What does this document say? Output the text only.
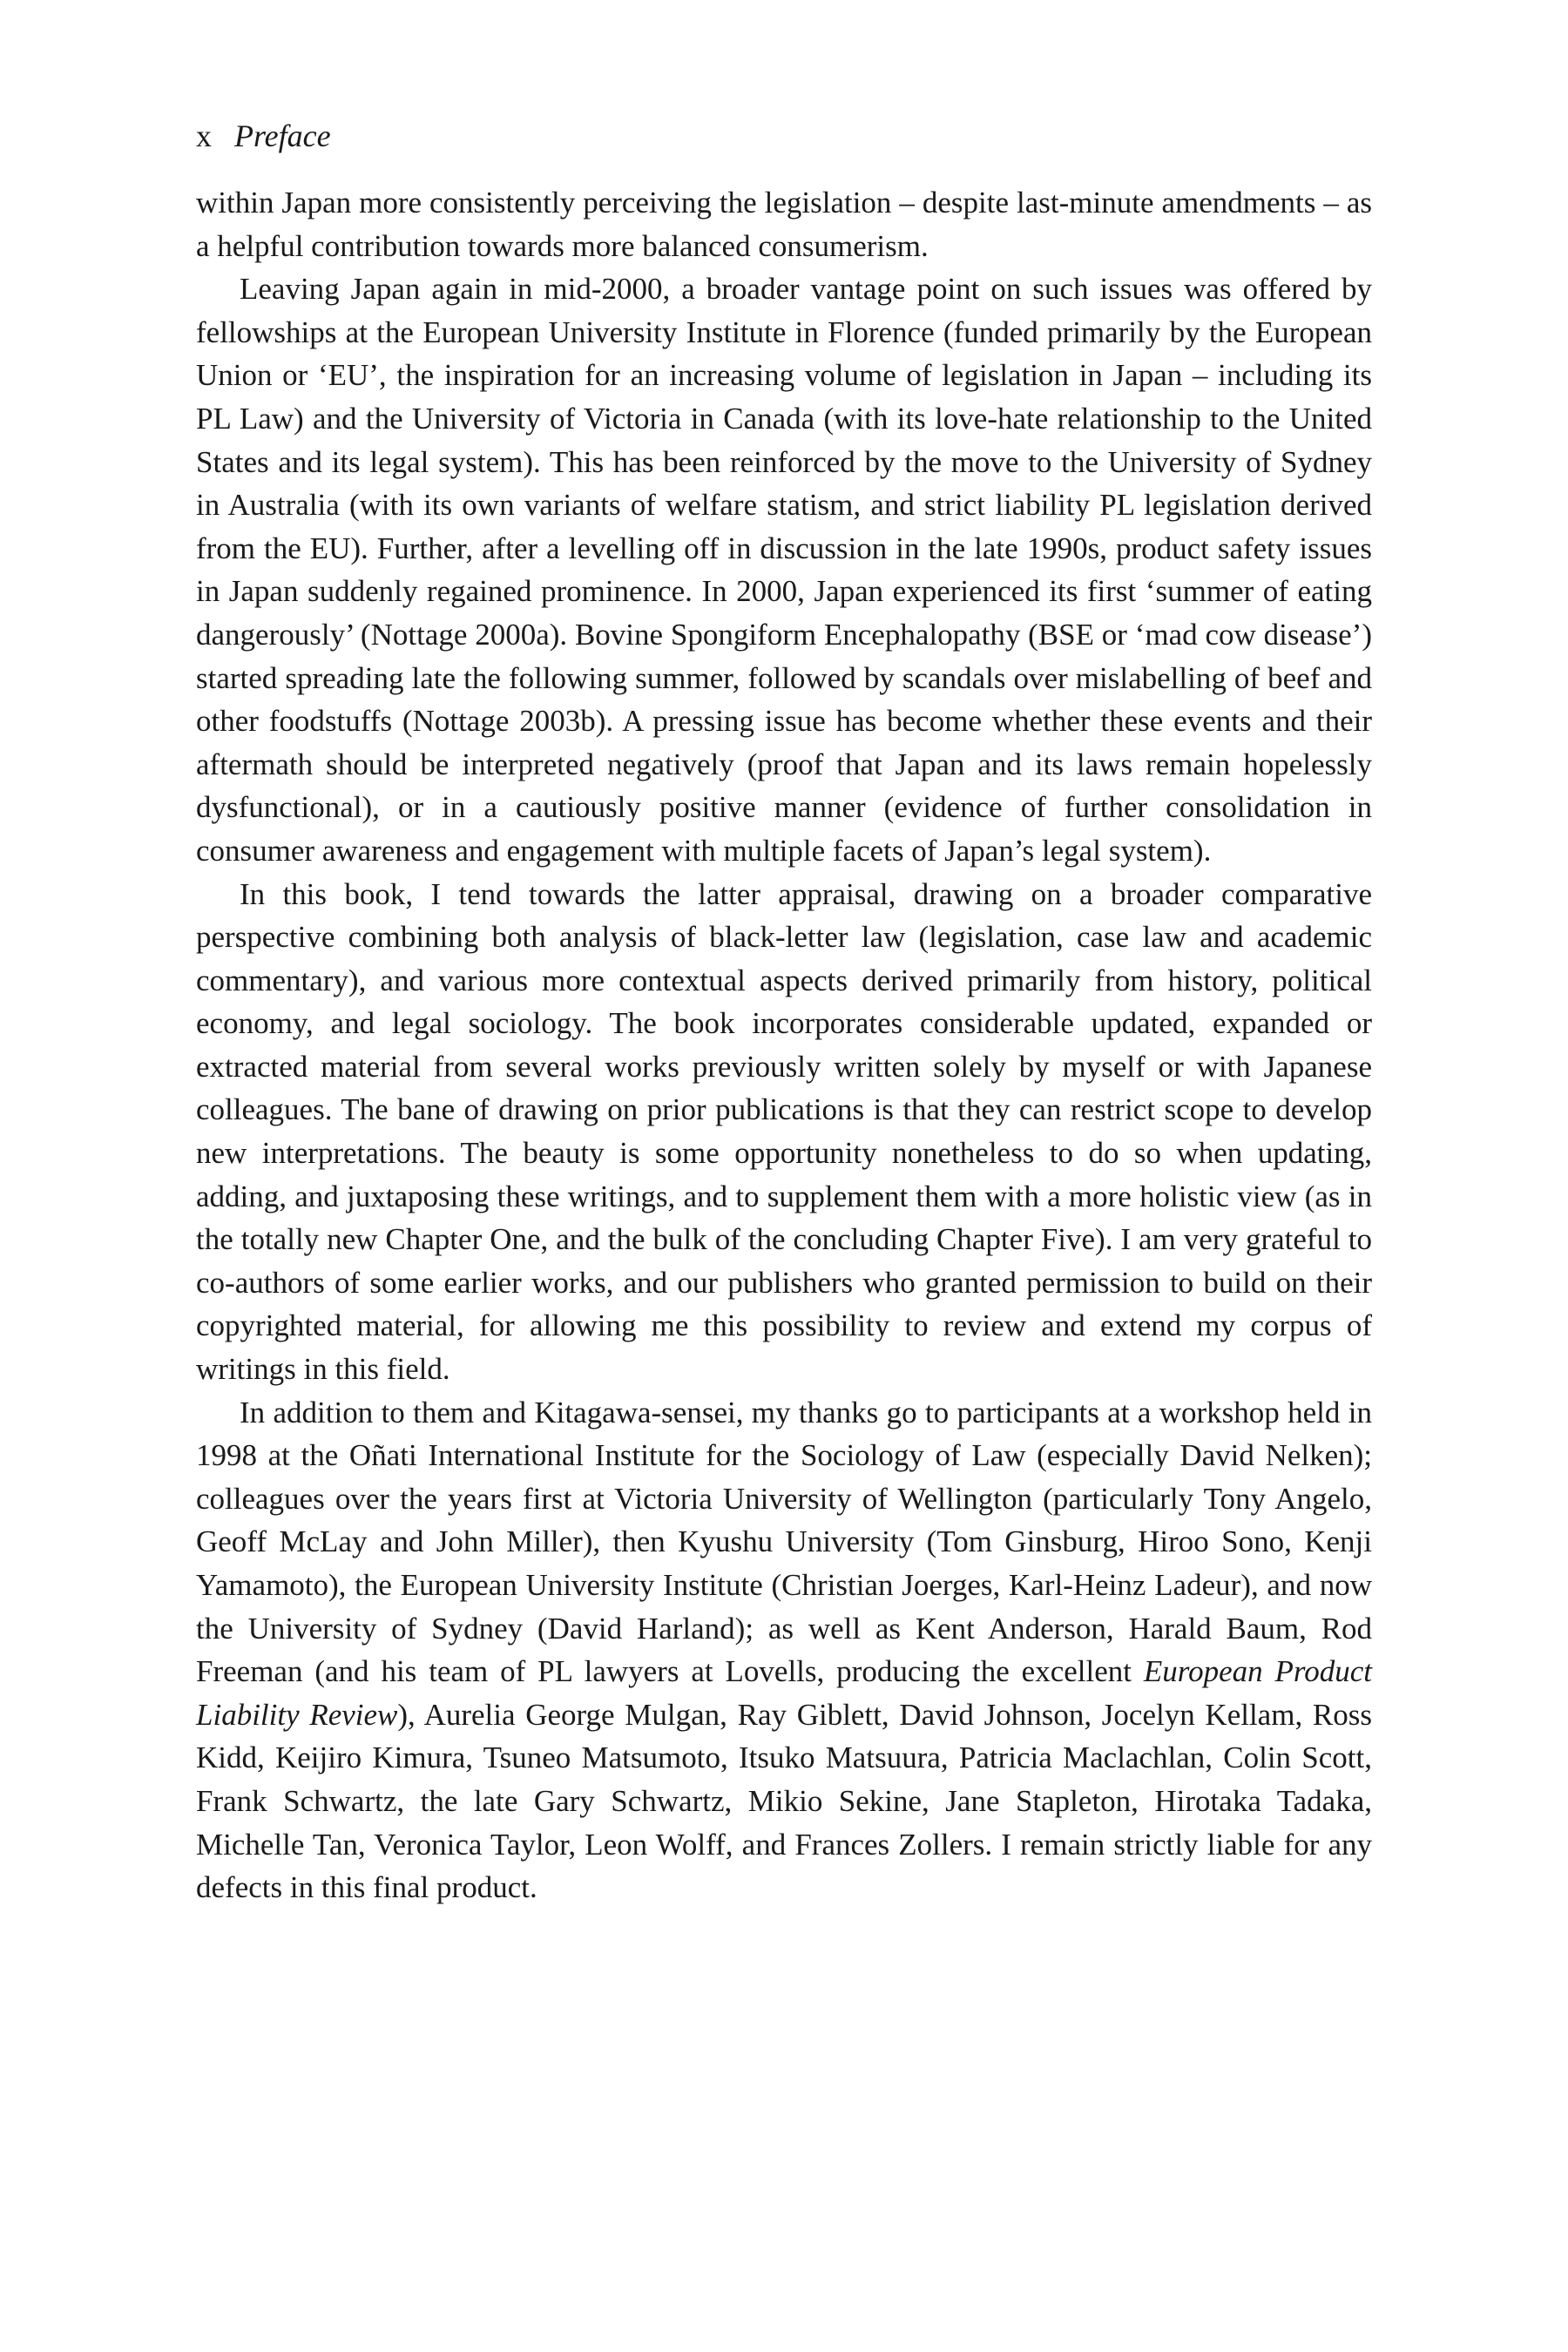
x Preface

within Japan more consistently perceiving the legislation – despite last-minute amendments – as a helpful contribution towards more balanced consumerism.

Leaving Japan again in mid-2000, a broader vantage point on such issues was offered by fellowships at the European University Institute in Florence (funded primarily by the European Union or ‘EU’, the inspiration for an increasing volume of legislation in Japan – including its PL Law) and the University of Victoria in Canada (with its love-hate relationship to the United States and its legal system). This has been reinforced by the move to the University of Sydney in Australia (with its own variants of welfare statism, and strict liability PL legislation derived from the EU). Further, after a levelling off in discussion in the late 1990s, product safety issues in Japan suddenly regained prominence. In 2000, Japan experienced its first ‘summer of eating dangerously’ (Nottage 2000a). Bovine Spongiform Encephalopathy (BSE or ‘mad cow disease’) started spreading late the following summer, followed by scandals over mislabelling of beef and other foodstuffs (Nottage 2003b). A pressing issue has become whether these events and their aftermath should be interpreted negatively (proof that Japan and its laws remain hopelessly dysfunctional), or in a cautiously positive manner (evidence of further consolidation in consumer awareness and engagement with multiple facets of Japan’s legal system).

In this book, I tend towards the latter appraisal, drawing on a broader comparative perspective combining both analysis of black-letter law (legislation, case law and academic commentary), and various more contextual aspects derived primarily from history, political economy, and legal sociology. The book incorporates considerable updated, expanded or extracted material from several works previously written solely by myself or with Japanese colleagues. The bane of drawing on prior publications is that they can restrict scope to develop new interpretations. The beauty is some opportunity nonetheless to do so when updating, adding, and juxtaposing these writings, and to supplement them with a more holistic view (as in the totally new Chapter One, and the bulk of the concluding Chapter Five). I am very grateful to co-authors of some earlier works, and our publishers who granted permission to build on their copyrighted material, for allowing me this possibility to review and extend my corpus of writings in this field.

In addition to them and Kitagawa-sensei, my thanks go to participants at a workshop held in 1998 at the Oñati International Institute for the Sociology of Law (especially David Nelken); colleagues over the years first at Victoria University of Wellington (particularly Tony Angelo, Geoff McLay and John Miller), then Kyushu University (Tom Ginsburg, Hiroo Sono, Kenji Yamamoto), the European University Institute (Christian Joerges, Karl-Heinz Ladeur), and now the University of Sydney (David Harland); as well as Kent Anderson, Harald Baum, Rod Freeman (and his team of PL lawyers at Lovells, producing the excellent European Product Liability Review), Aurelia George Mulgan, Ray Giblett, David Johnson, Jocelyn Kellam, Ross Kidd, Keijiro Kimura, Tsuneo Matsumoto, Itsuko Matsuura, Patricia Maclachlan, Colin Scott, Frank Schwartz, the late Gary Schwartz, Mikio Sekine, Jane Stapleton, Hirotaka Tadaka, Michelle Tan, Veronica Taylor, Leon Wolff, and Frances Zollers. I remain strictly liable for any defects in this final product.
